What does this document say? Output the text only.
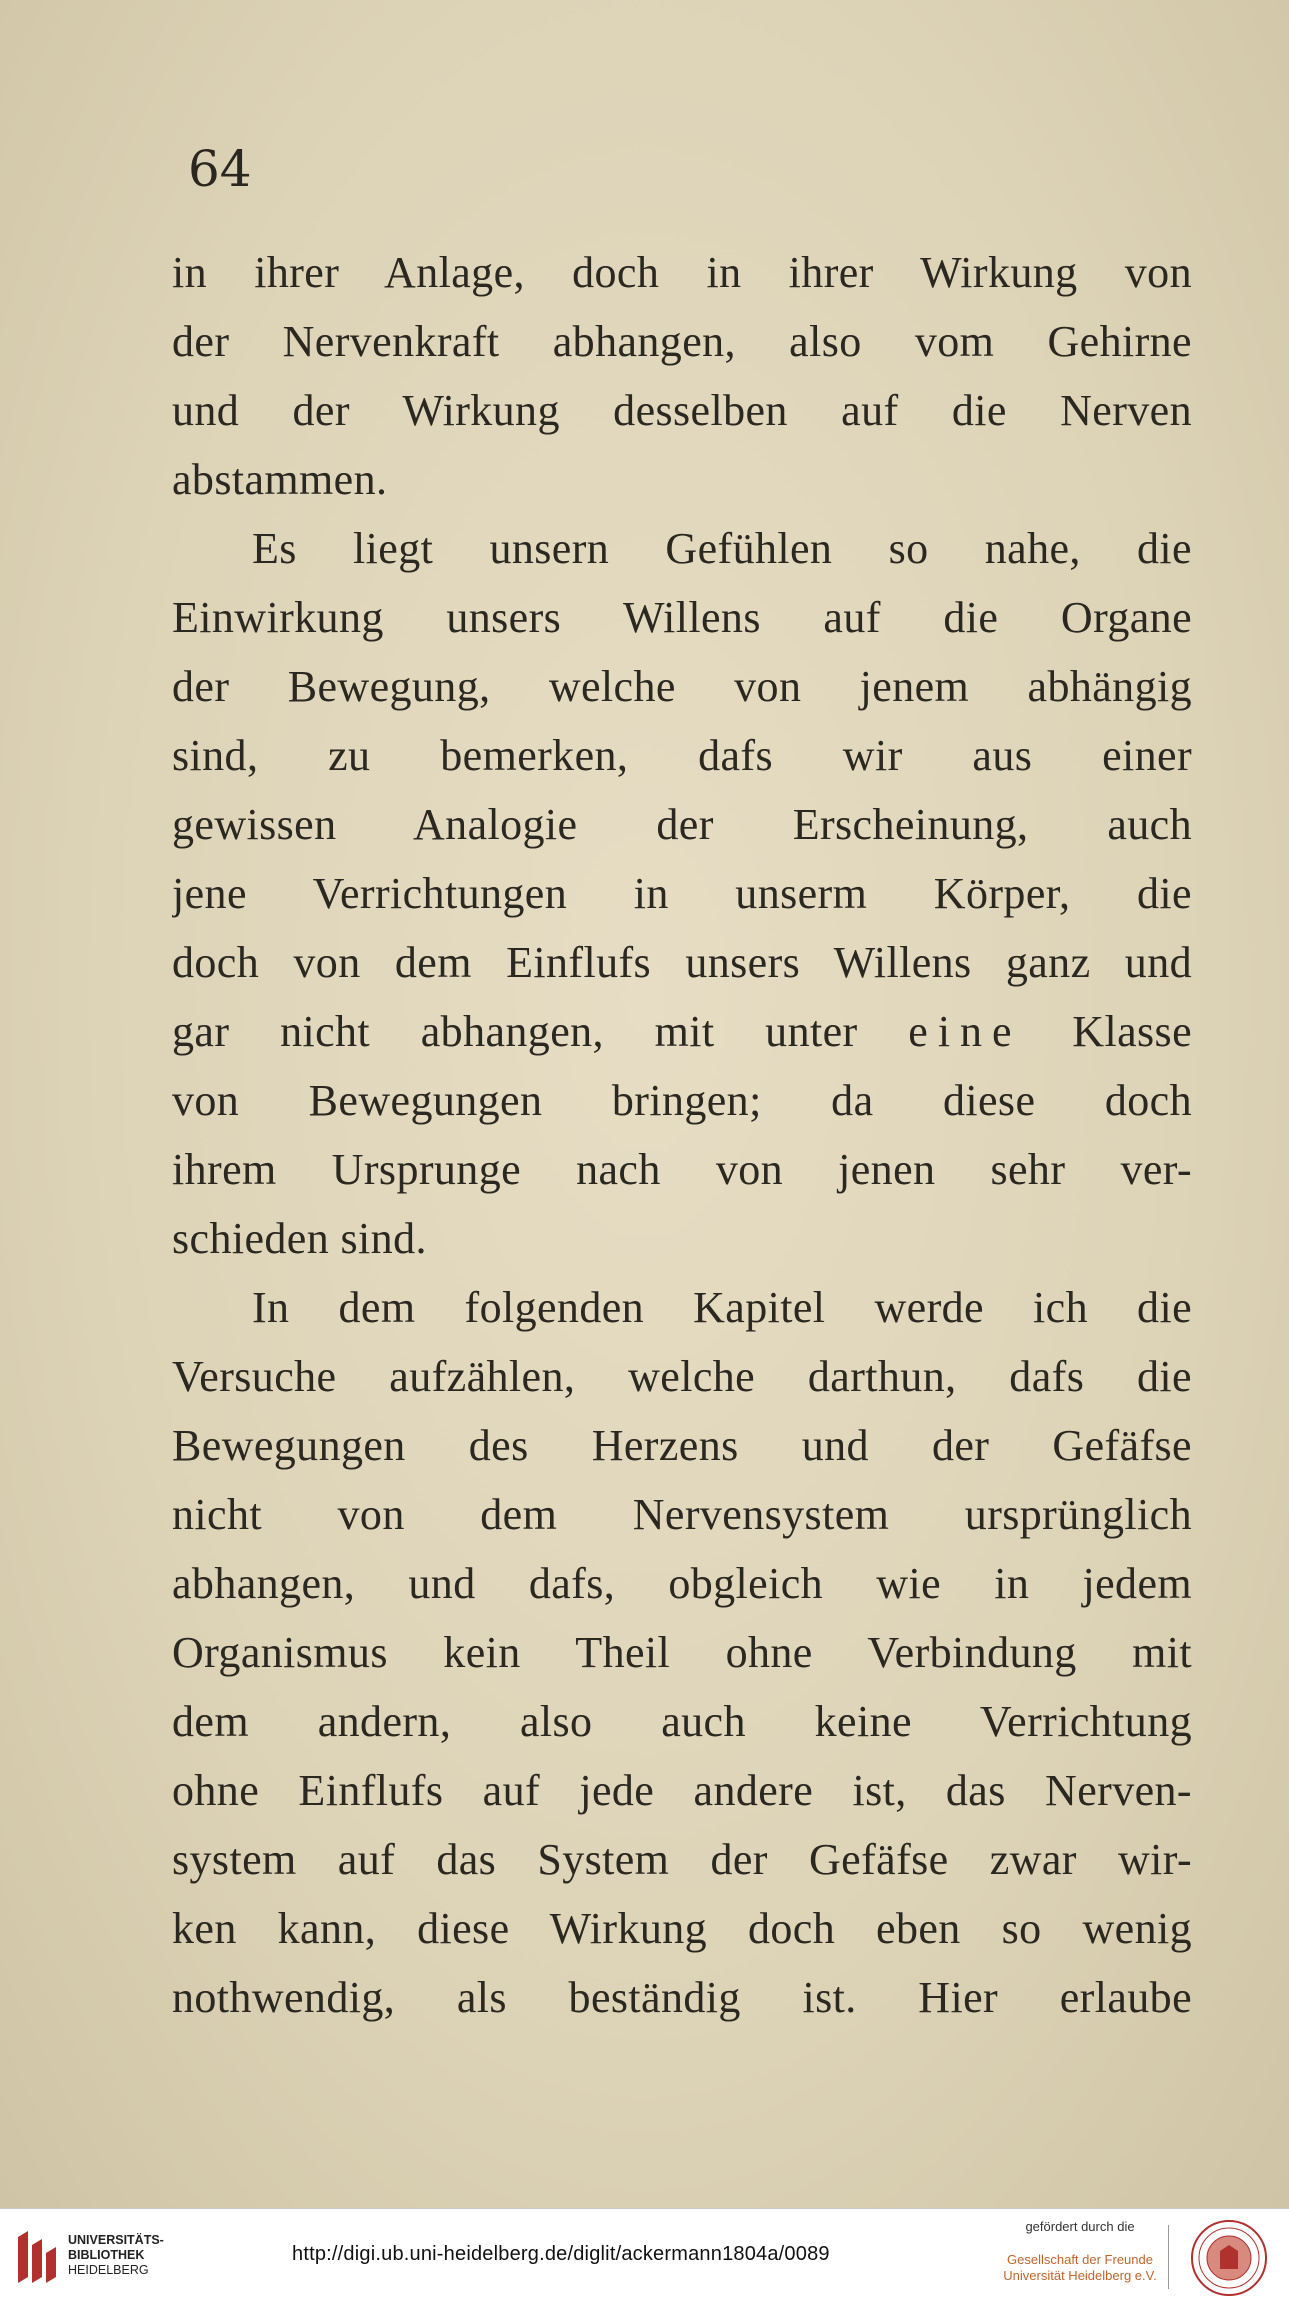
64
in ihrer Anlage, doch in ihrer Wirkung von
der Nervenkraft abhangen, also vom Gehirne
und der Wirkung desselben auf die Nerven
abstammen.
Es liegt unsern Gefühlen so nahe, die
Einwirkung unsers Willens auf die Organe
der Bewegung, welche von jenem abhängig
sind, zu bemerken, dafs wir aus einer
gewissen Analogie der Erscheinung, auch
jene Verrichtungen in unserm Körper, die
doch von dem Einflufs unsers Willens ganz und
gar nicht abhangen, mit unter eine Klasse
von Bewegungen bringen; da diese doch
ihrem Ursprunge nach von jenen sehr ver-
schieden sind.
In dem folgenden Kapitel werde ich die
Versuche aufzählen, welche darthun, dafs die
Bewegungen des Herzens und der Gefäfse
nicht von dem Nervensystem ursprünglich
abhangen, und dafs, obgleich wie in jedem
Organismus kein Theil ohne Verbindung mit
dem andern, also auch keine Verrichtung
ohne Einflufs auf jede andere ist, das Nerven-
system auf das System der Gefäfse zwar wir-
ken kann, diese Wirkung doch eben so wenig
nothwendig, als beständig ist. Hier erlaube
UNIVERSITÄTS-
BIBLIOTHEK
HEIDELBERG
http://digi.ub.uni-heidelberg.de/diglit/ackermann1804a/0089
gefördert durch die
Gesellschaft der Freunde
Universität Heidelberg e.V.
